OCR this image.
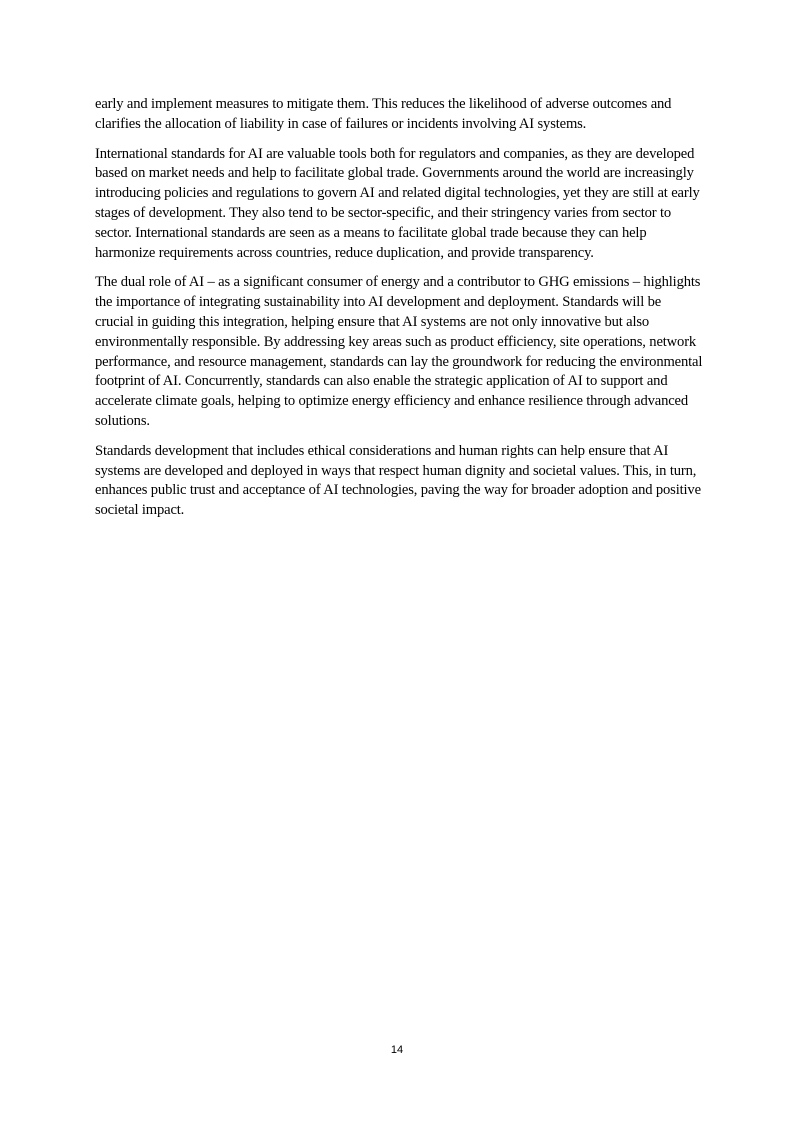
early and implement measures to mitigate them. This reduces the likelihood of adverse outcomes and clarifies the allocation of liability in case of failures or incidents involving AI systems.

International standards for AI are valuable tools both for regulators and companies, as they are developed based on market needs and help to facilitate global trade. Governments around the world are increasingly introducing policies and regulations to govern AI and related digital technologies, yet they are still at early stages of development. They also tend to be sector-specific, and their stringency varies from sector to sector. International standards are seen as a means to facilitate global trade because they can help harmonize requirements across countries, reduce duplication, and provide transparency.

The dual role of AI – as a significant consumer of energy and a contributor to GHG emissions – highlights the importance of integrating sustainability into AI development and deployment. Standards will be crucial in guiding this integration, helping ensure that AI systems are not only innovative but also environmentally responsible. By addressing key areas such as product efficiency, site operations, network performance, and resource management, standards can lay the groundwork for reducing the environmental footprint of AI. Concurrently, standards can also enable the strategic application of AI to support and accelerate climate goals, helping to optimize energy efficiency and enhance resilience through advanced solutions.

Standards development that includes ethical considerations and human rights can help ensure that AI systems are developed and deployed in ways that respect human dignity and societal values. This, in turn, enhances public trust and acceptance of AI technologies, paving the way for broader adoption and positive societal impact.

14
